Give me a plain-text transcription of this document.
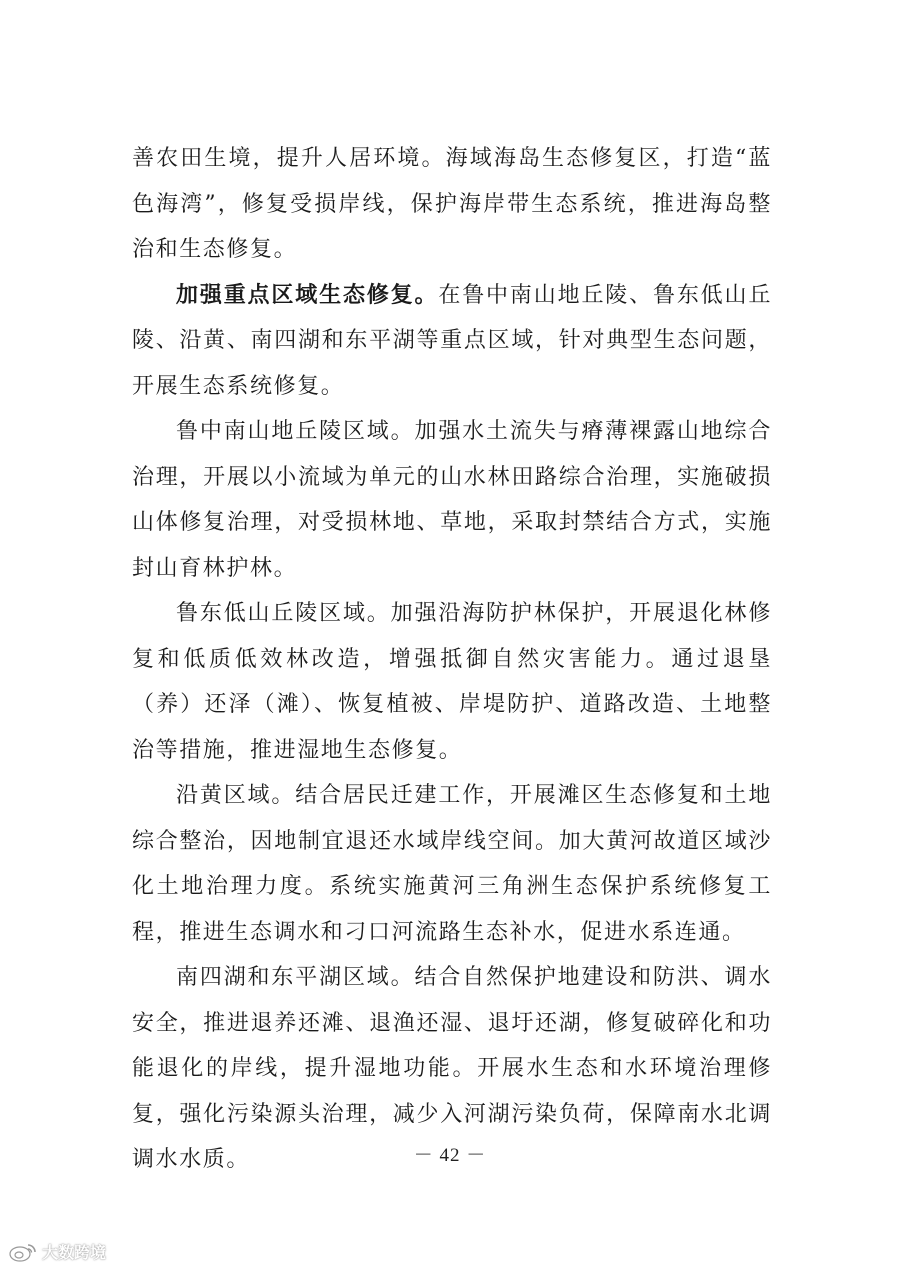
善农田生境，提升人居环境。海域海岛生态修复区，打造“蓝色海湾”，修复受损岸线，保护海岸带生态系统，推进海岛整治和生态修复。

加强重点区域生态修复。在鲁中南山地丘陵、鲁东低山丘陵、沿黄、南四湖和东平湖等重点区域，针对典型生态问题，开展生态系统修复。

鲁中南山地丘陵区域。加强水土流失与瘠薄裸露山地综合治理，开展以小流域为单元的山水林田路综合治理，实施破损山体修复治理，对受损林地、草地，采取封禁结合方式，实施封山育林护林。

鲁东低山丘陵区域。加强沿海防护林保护，开展退化林修复和低质低效林改造，增强抵御自然灾害能力。通过退垦（养）还泽（滩）、恢复植被、岸堤防护、道路改造、土地整治等措施，推进湿地生态修复。

沿黄区域。结合居民迁建工作，开展滩区生态修复和土地综合整治，因地制宜退还水域岸线空间。加大黄河故道区域沙化土地治理力度。系统实施黄河三角洲生态保护系统修复工程，推进生态调水和刁口河流路生态补水，促进水系连通。

南四湖和东平湖区域。结合自然保护地建设和防洪、调水安全，推进退养还滩、退渔还湿、退圩还湖，修复破碎化和功能退化的岸线，提升湿地功能。开展水生态和水环境治理修复，强化污染源头治理，减少入河湖污染负荷，保障南水北调调水水质。	－ 42 －
大数跨境
